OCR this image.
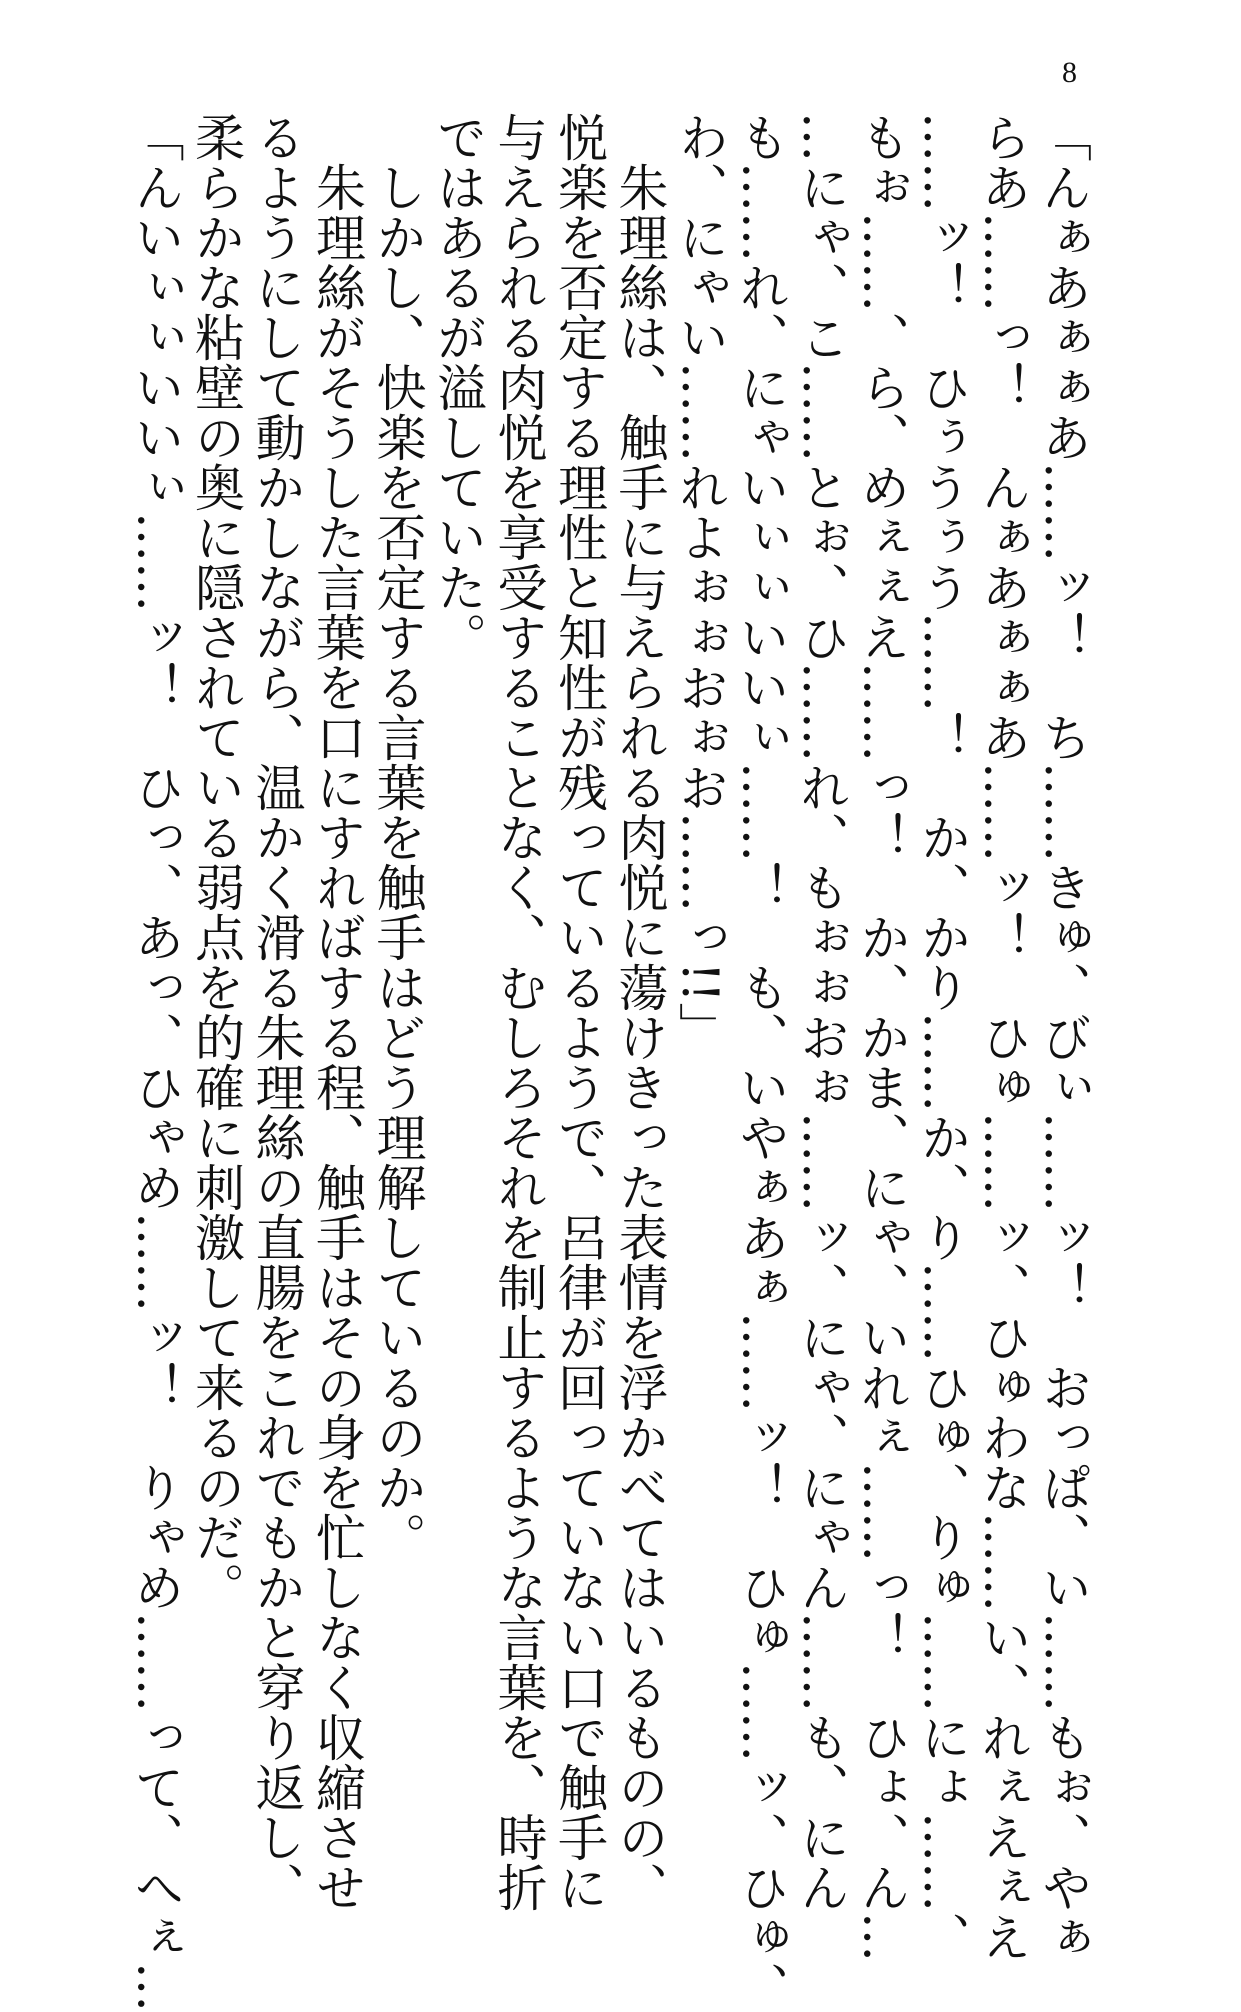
8
「んぁあぁぁあ……ッ！　ち……きゅ、びぃ……ッ！　おっぱ、い……もぉ、やぁ
らあ……っ！　んぁあぁぁあ……ッ！　ひゅ……ッ、ひゅわな……い、れぇえぇえ
……ッ！　ひぅうぅう……！　か、かり……か、り……ひゅ、りゅ……にょ……、
もぉ……、ら、めぇぇえ……っ！　か、かま、にゃ、いれぇ……っ！　ひょ、ん…
…にゃ、こ……とぉ、ひ……れ、もぉぉおぉ……ッ、にゃ、にゃん……も、にん
も……れ、にゃいぃぃいいぃ……！　も、いやぁあぁ……ッ！　ひゅ……ッ、ひゅ、
わ、にゃい……れよぉぉおぉお……っ!!」
　朱理絲は、触手に与えられる肉悦に蕩けきった表情を浮かべてはいるものの、
悦楽を否定する理性と知性が残っているようで、呂律が回っていない口で触手に
与えられる肉悦を享受することなく、むしろそれを制止するような言葉を、時折
ではあるが溢していた。
　しかし、快楽を否定する言葉を触手はどう理解しているのか。
　朱理絲がそうした言葉を口にすればする程、触手はその身を忙しなく収縮させ
るようにして動かしながら、温かく滑る朱理絲の直腸をこれでもかと穿り返し、
柔らかな粘壁の奥に隠されている弱点を的確に刺激して来るのだ。
「んいぃぃいいぃ……ッ！　ひっ、あっ、ひゃめ……ッ！　りゃめ……って、へぇ…
